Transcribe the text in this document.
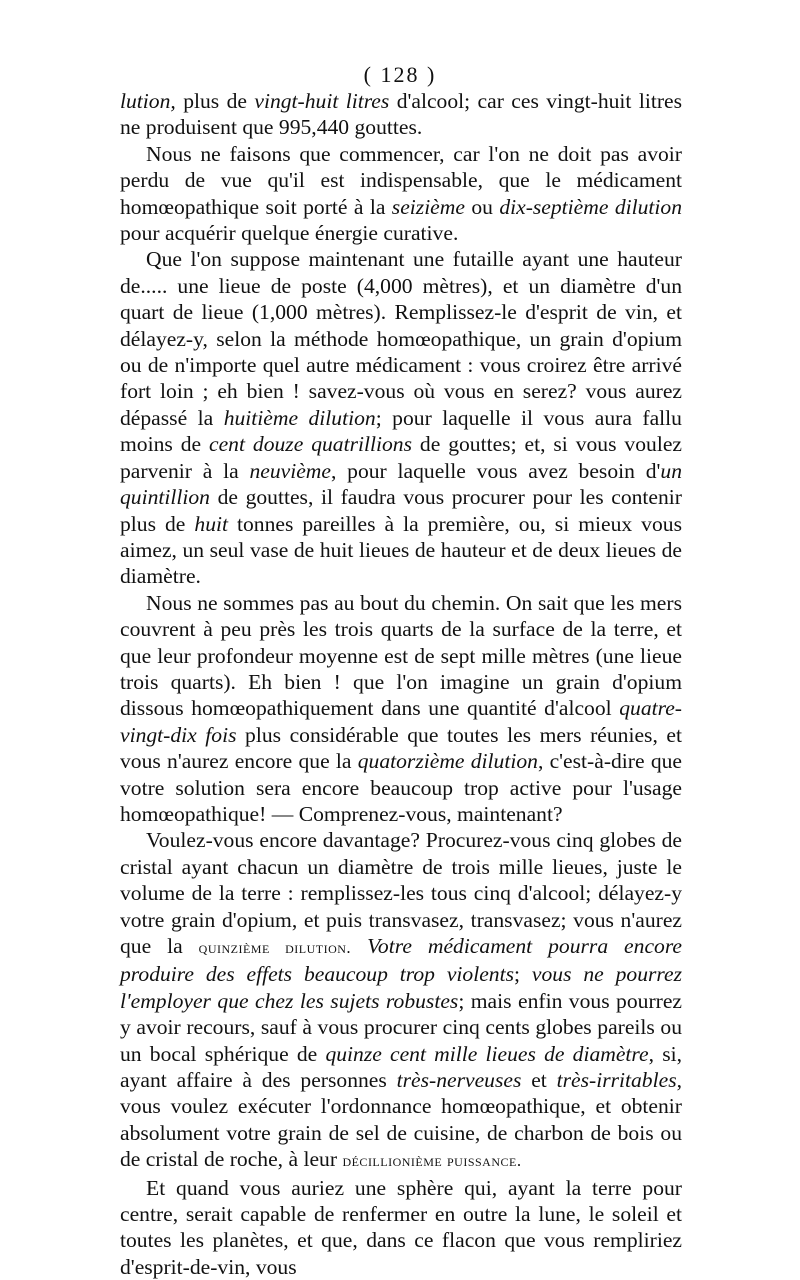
( 128 )

lution, plus de vingt-huit litres d'alcool; car ces vingt-huit litres ne produisent que 995,440 gouttes.

Nous ne faisons que commencer, car l'on ne doit pas avoir perdu de vue qu'il est indispensable, que le médicament homœopathique soit porté à la seizième ou dix-septième dilution pour acquérir quelque énergie curative.

Que l'on suppose maintenant une futaille ayant une hauteur de..... une lieue de poste (4,000 mètres), et un diamètre d'un quart de lieue (1,000 mètres). Remplissez-le d'esprit de vin, et délayez-y, selon la méthode homœopathique, un grain d'opium ou de n'importe quel autre médicament : vous croirez être arrivé fort loin ; eh bien ! savez-vous où vous en serez? vous aurez dépassé la huitième dilution; pour laquelle il vous aura fallu moins de cent douze quatrillions de gouttes; et, si vous voulez parvenir à la neuvième, pour laquelle vous avez besoin d'un quintillion de gouttes, il faudra vous procurer pour les contenir plus de huit tonnes pareilles à la première, ou, si mieux vous aimez, un seul vase de huit lieues de hauteur et de deux lieues de diamètre.

Nous ne sommes pas au bout du chemin. On sait que les mers couvrent à peu près les trois quarts de la surface de la terre, et que leur profondeur moyenne est de sept mille mètres (une lieue trois quarts). Eh bien ! que l'on imagine un grain d'opium dissous homœopathiquement dans une quantité d'alcool quatre-vingt-dix fois plus considérable que toutes les mers réunies, et vous n'aurez encore que la quatorzième dilution, c'est-à-dire que votre solution sera encore beaucoup trop active pour l'usage homœopathique! — Comprenez-vous, maintenant?

Voulez-vous encore davantage? Procurez-vous cinq globes de cristal ayant chacun un diamètre de trois mille lieues, juste le volume de la terre : remplissez-les tous cinq d'alcool; délayez-y votre grain d'opium, et puis transvasez, transvasez; vous n'aurez que la quinzième dilution. Votre médicament pourra encore produire des effets beaucoup trop violents; vous ne pourrez l'employer que chez les sujets robustes; mais enfin vous pourrez y avoir recours, sauf à vous procurer cinq cents globes pareils ou un bocal sphérique de quinze cent mille lieues de diamètre, si, ayant affaire à des personnes très-nerveuses et très-irritables, vous voulez exécuter l'ordonnance homœopathique, et obtenir absolument votre grain de sel de cuisine, de charbon de bois ou de cristal de roche, à leur décillionième puissance.

Et quand vous auriez une sphère qui, ayant la terre pour centre, serait capable de renfermer en outre la lune, le soleil et toutes les planètes, et que, dans ce flacon que vous rempliriez d'esprit-de-vin, vous
